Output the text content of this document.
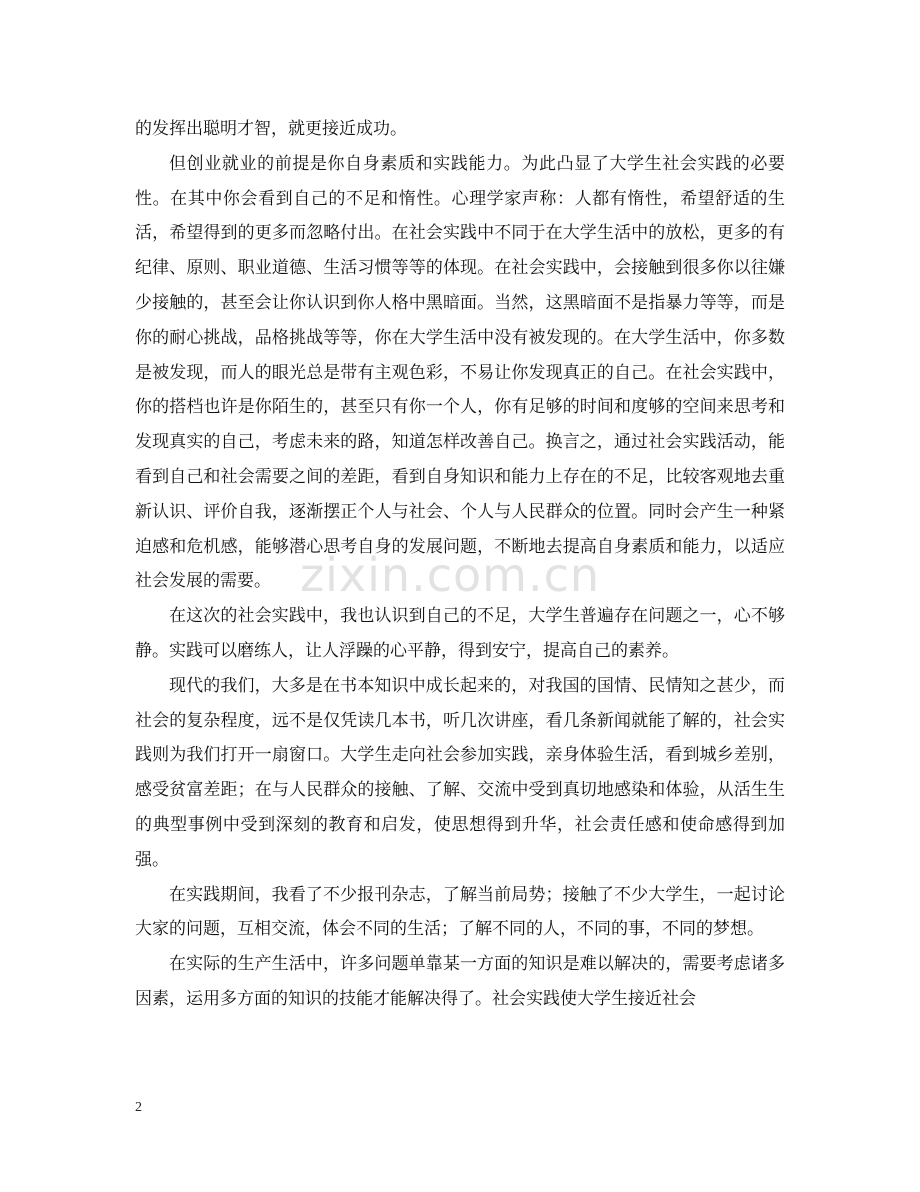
zixin.com.cn

的发挥出聪明才智，就更接近成功。

但创业就业的前提是你自身素质和实践能力。为此凸显了大学生社会实践的必要性。在其中你会看到自己的不足和惰性。心理学家声称：人都有惰性，希望舒适的生活，希望得到的更多而忽略付出。在社会实践中不同于在大学生活中的放松，更多的有纪律、原则、职业道德、生活习惯等等的体现。在社会实践中，会接触到很多你以往嫌少接触的，甚至会让你认识到你人格中黑暗面。当然，这黑暗面不是指暴力等等，而是你的耐心挑战，品格挑战等等，你在大学生活中没有被发现的。在大学生活中，你多数是被发现，而人的眼光总是带有主观色彩，不易让你发现真正的自己。在社会实践中，你的搭档也许是你陌生的，甚至只有你一个人，你有足够的时间和度够的空间来思考和发现真实的自己，考虑未来的路，知道怎样改善自己。换言之，通过社会实践活动，能看到自己和社会需要之间的差距，看到自身知识和能力上存在的不足，比较客观地去重新认识、评价自我，逐渐摆正个人与社会、个人与人民群众的位置。同时会产生一种紧迫感和危机感，能够潜心思考自身的发展问题，不断地去提高自身素质和能力，以适应社会发展的需要。

在这次的社会实践中，我也认识到自己的不足，大学生普遍存在问题之一，心不够静。实践可以磨练人，让人浮躁的心平静，得到安宁，提高自己的素养。

现代的我们，大多是在书本知识中成长起来的，对我国的国情、民情知之甚少，而社会的复杂程度，远不是仅凭读几本书，听几次讲座，看几条新闻就能了解的，社会实践则为我们打开一扇窗口。大学生走向社会参加实践，亲身体验生活，看到城乡差别，感受贫富差距；在与人民群众的接触、了解、交流中受到真切地感染和体验，从活生生的典型事例中受到深刻的教育和启发，使思想得到升华，社会责任感和使命感得到加强。

在实践期间，我看了不少报刊杂志，了解当前局势；接触了不少大学生，一起讨论大家的问题，互相交流，体会不同的生活；了解不同的人，不同的事，不同的梦想。

在实际的生产生活中，许多问题单靠某一方面的知识是难以解决的，需要考虑诸多因素，运用多方面的知识的技能才能解决得了。社会实践使大学生接近社会

2
